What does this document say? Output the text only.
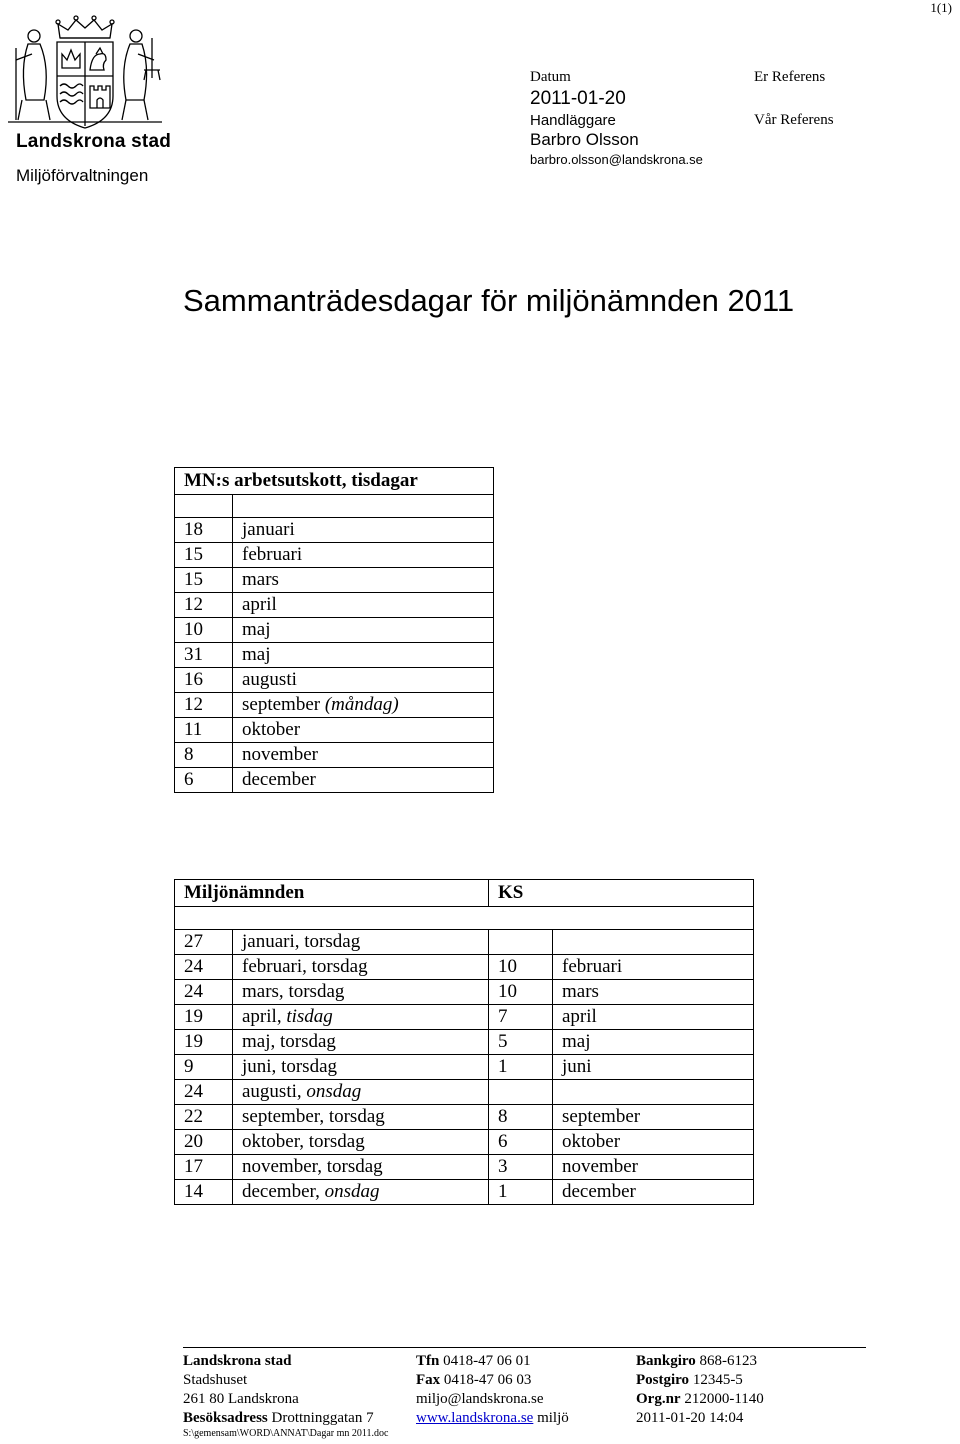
1(1)
Landskrona stad
Miljöförvaltningen
Datum
2011-01-20
Handläggare
Barbro Olsson
barbro.olsson@landskrona.se
Er Referens
Vår Referens
Sammanträdesdagar för miljönämnden 2011
MN:s arbetsutskott, tisdagar	

18	januari
15	februari
15	mars
12	april
10	maj
31	maj
16	augusti
12	september (måndag)
11	oktober
8	november
6	december
Miljönämnden		KS	

27	januari, torsdag		
24	februari, torsdag	10	februari
24	mars, torsdag	10	mars
19	april, tisdag	7	april
19	maj, torsdag	5	maj
9	juni, torsdag	1	juni
24	augusti, onsdag		
22	september, torsdag	8	september
20	oktober, torsdag	6	oktober
17	november, torsdag	3	november
14	december, onsdag	1	december
Landskrona stad
Stadshuset
261 80 Landskrona
Besöksadress Drottninggatan 7
Tfn 0418-47 06 01
Fax 0418-47 06 03
miljo@landskrona.se
www.landskrona.se miljö
Bankgiro 868-6123
Postgiro 12345-5
Org.nr 212000-1140
2011-01-20 14:04
S:\gemensam\WORD\ANNAT\Dagar mn 2011.doc
